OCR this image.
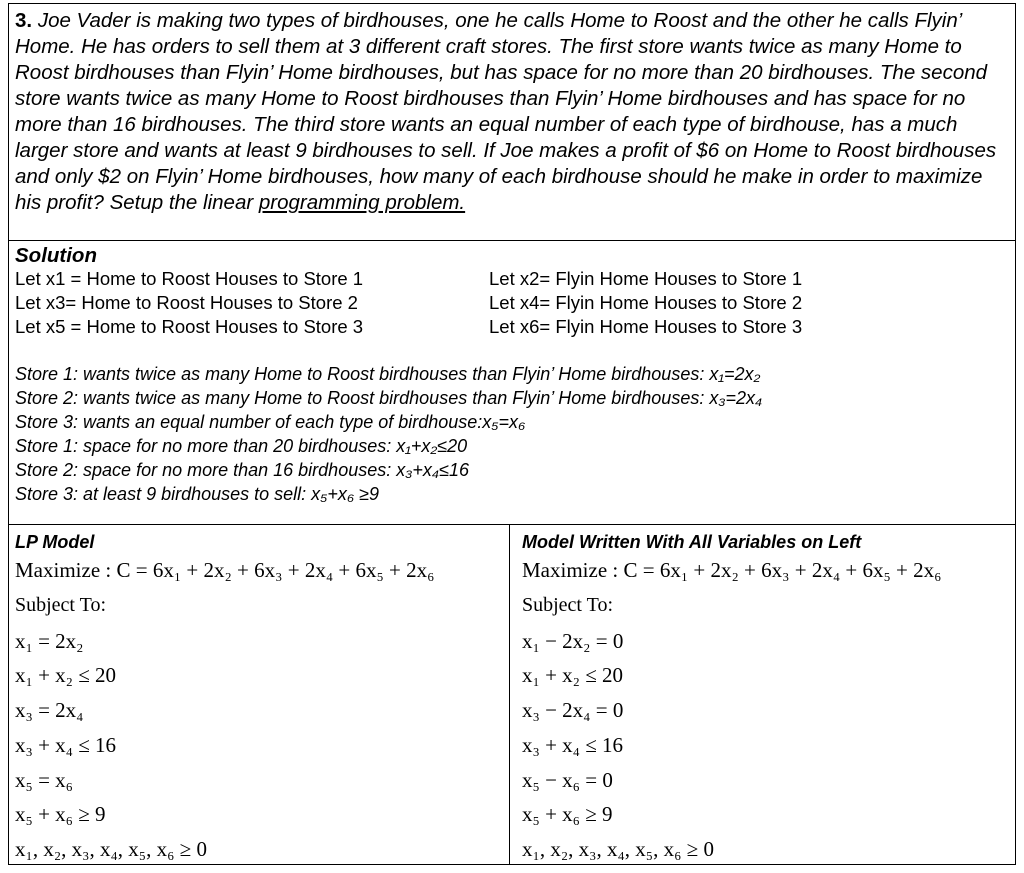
3. Joe Vader is making two types of birdhouses, one he calls Home to Roost and the other he calls Flyin’ Home. He has orders to sell them at 3 different craft stores. The first store wants twice as many Home to Roost birdhouses than Flyin’ Home birdhouses, but has space for no more than 20 birdhouses. The second store wants twice as many Home to Roost birdhouses than Flyin’ Home birdhouses and has space for no more than 16 birdhouses. The third store wants an equal number of each type of birdhouse, has a much larger store and wants at least 9 birdhouses to sell. If Joe makes a profit of $6 on Home to Roost birdhouses and only $2 on Flyin’ Home birdhouses, how many of each birdhouse should he make in order to maximize his profit? Setup the linear programming problem.
Solution
Let x1 = Home to Roost Houses to Store 1
Let x3= Home to Roost Houses to Store 2
Let x5 = Home to Roost Houses to Store 3
Let x2= Flyin Home Houses to Store 1
Let x4= Flyin Home Houses to Store 2
Let x6= Flyin Home Houses to Store 3
Store 1: wants twice as many Home to Roost birdhouses than Flyin’ Home birdhouses: x₁=2x₂
Store 2: wants twice as many Home to Roost birdhouses than Flyin’ Home birdhouses: x₃=2x₄
Store 3: wants an equal number of each type of birdhouse:x₅=x₆
Store 1: space for no more than 20 birdhouses: x₁+x₂≤20
Store 2: space for no more than 16 birdhouses: x₃+x₄≤16
Store 3: at least 9 birdhouses to sell: x₅+x₆ ≥9
LP Model
Maximize : C = 6x₁ + 2x₂ + 6x₃ + 2x₄ + 6x₅ + 2x₆
Subject To:
x₁ = 2x₂
x₁ + x₂ ≤ 20
x₃ = 2x₄
x₃ + x₄ ≤ 16
x₅ = x₆
x₅ + x₆ ≥ 9
x₁, x₂, x₃, x₄, x₅, x₆ ≥ 0
Model Written With All Variables on Left
Maximize : C = 6x₁ + 2x₂ + 6x₃ + 2x₄ + 6x₅ + 2x₆
Subject To:
x₁ − 2x₂ = 0
x₁ + x₂ ≤ 20
x₃ − 2x₄ = 0
x₃ + x₄ ≤ 16
x₅ − x₆ = 0
x₅ + x₆ ≥ 9
x₁, x₂, x₃, x₄, x₅, x₆ ≥ 0
